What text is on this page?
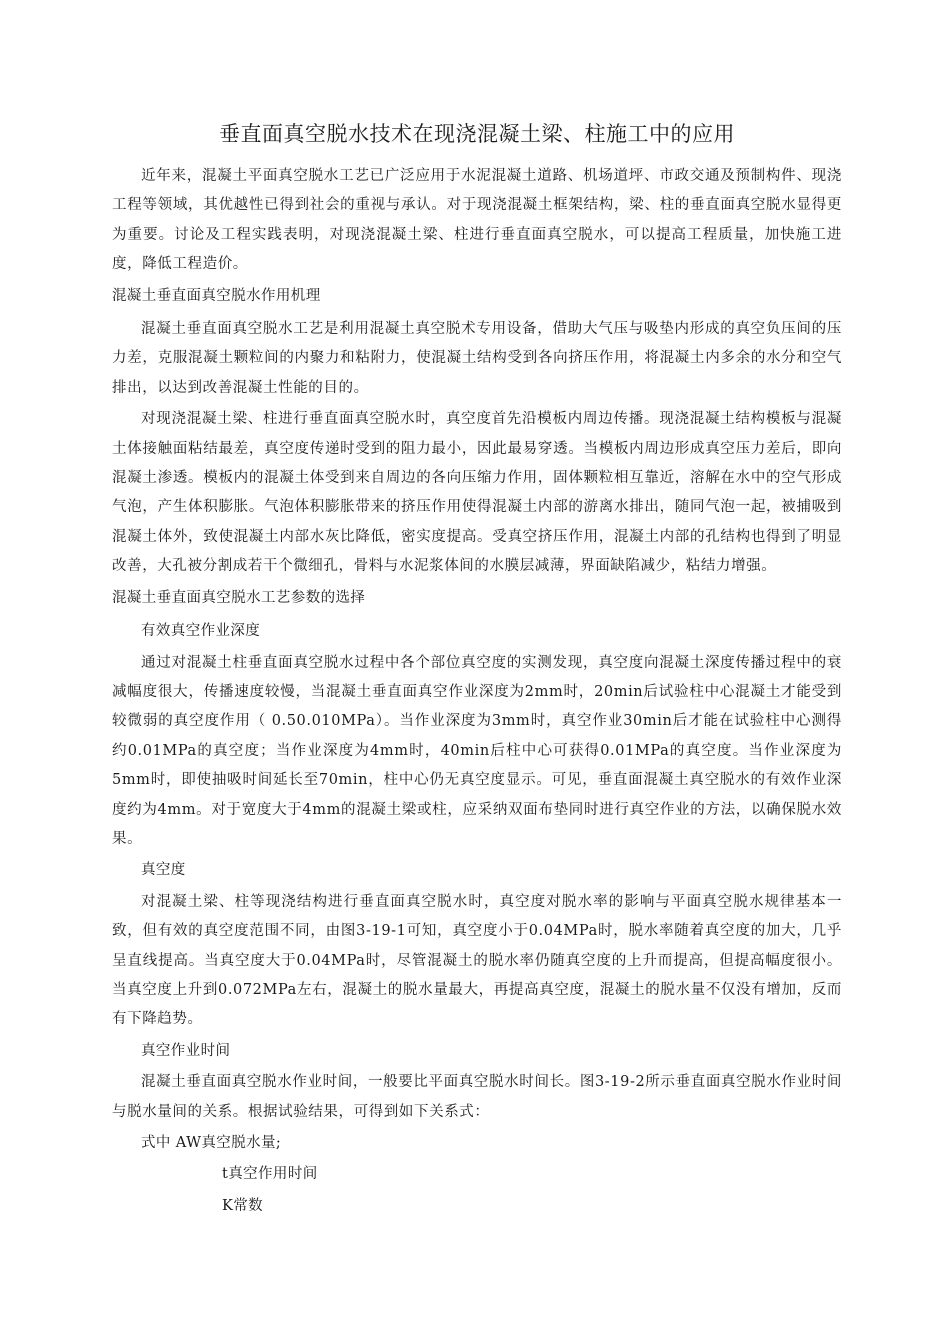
垂直面真空脱水技术在现浇混凝土梁、柱施工中的应用

近年来，混凝土平面真空脱水工艺已广泛应用于水泥混凝土道路、机场道坪、市政交通及预制构件、现浇工程等领域，其优越性已得到社会的重视与承认。对于现浇混凝土框架结构，梁、柱的垂直面真空脱水显得更为重要。讨论及工程实践表明，对现浇混凝土梁、柱进行垂直面真空脱水，可以提高工程质量，加快施工进度，降低工程造价。

混凝土垂直面真空脱水作用机理

混凝土垂直面真空脱水工艺是利用混凝土真空脱术专用设备，借助大气压与吸垫内形成的真空负压间的压力差，克服混凝土颗粒间的内聚力和粘附力，使混凝土结构受到各向挤压作用，将混凝土内多余的水分和空气排出，以达到改善混凝土性能的目的。

对现浇混凝土梁、柱进行垂直面真空脱水时，真空度首先沿模板内周边传播。现浇混凝土结构模板与混凝土体接触面粘结最差，真空度传递时受到的阻力最小，因此最易穿透。当模板内周边形成真空压力差后，即向混凝土渗透。模板内的混凝土体受到来自周边的各向压缩力作用，固体颗粒相互靠近，溶解在水中的空气形成气泡，产生体积膨胀。气泡体积膨胀带来的挤压作用使得混凝土内部的游离水排出，随同气泡一起，被捕吸到混凝土体外，致使混凝土内部水灰比降低，密实度提高。受真空挤压作用，混凝土内部的孔结构也得到了明显改善，大孔被分割成若干个微细孔，骨料与水泥浆体间的水膜层减薄，界面缺陷减少，粘结力增强。

混凝土垂直面真空脱水工艺参数的选择
有效真空作业深度

通过对混凝土柱垂直面真空脱水过程中各个部位真空度的实测发现，真空度向混凝土深度传播过程中的衰减幅度很大，传播速度较慢，当混凝土垂直面真空作业深度为2mm时，20min后试验柱中心混凝土才能受到较微弱的真空度作用（ 0.50.010MPa）。当作业深度为3mm时，真空作业30min后才能在试验柱中心测得约0.01MPa的真空度；当作业深度为4mm时，40min后柱中心可获得0.01MPa的真空度。当作业深度为5mm时，即使抽吸时间延长至70min，柱中心仍无真空度显示。可见，垂直面混凝土真空脱水的有效作业深度约为4mm。对于宽度大于4mm的混凝土梁或柱，应采纳双面布垫同时进行真空作业的方法，以确保脱水效果。

真空度

对混凝土梁、柱等现浇结构进行垂直面真空脱水时，真空度对脱水率的影响与平面真空脱水规律基本一致，但有效的真空度范围不同，由图3-19-1可知，真空度小于0.04MPa时，脱水率随着真空度的加大，几乎呈直线提高。当真空度大于0.04MPa时，尽管混凝土的脱水率仍随真空度的上升而提高，但提高幅度很小。当真空度上升到0.072MPa左右，混凝土的脱水量最大，再提高真空度，混凝土的脱水量不仅没有增加，反而有下降趋势。

真空作业时间

混凝土垂直面真空脱水作业时间，一般要比平面真空脱水时间长。图3-19-2所示垂直面真空脱水作业时间与脱水量间的关系。根据试验结果，可得到如下关系式：

式中 AW真空脱水量;
t真空作用时间
K常数
